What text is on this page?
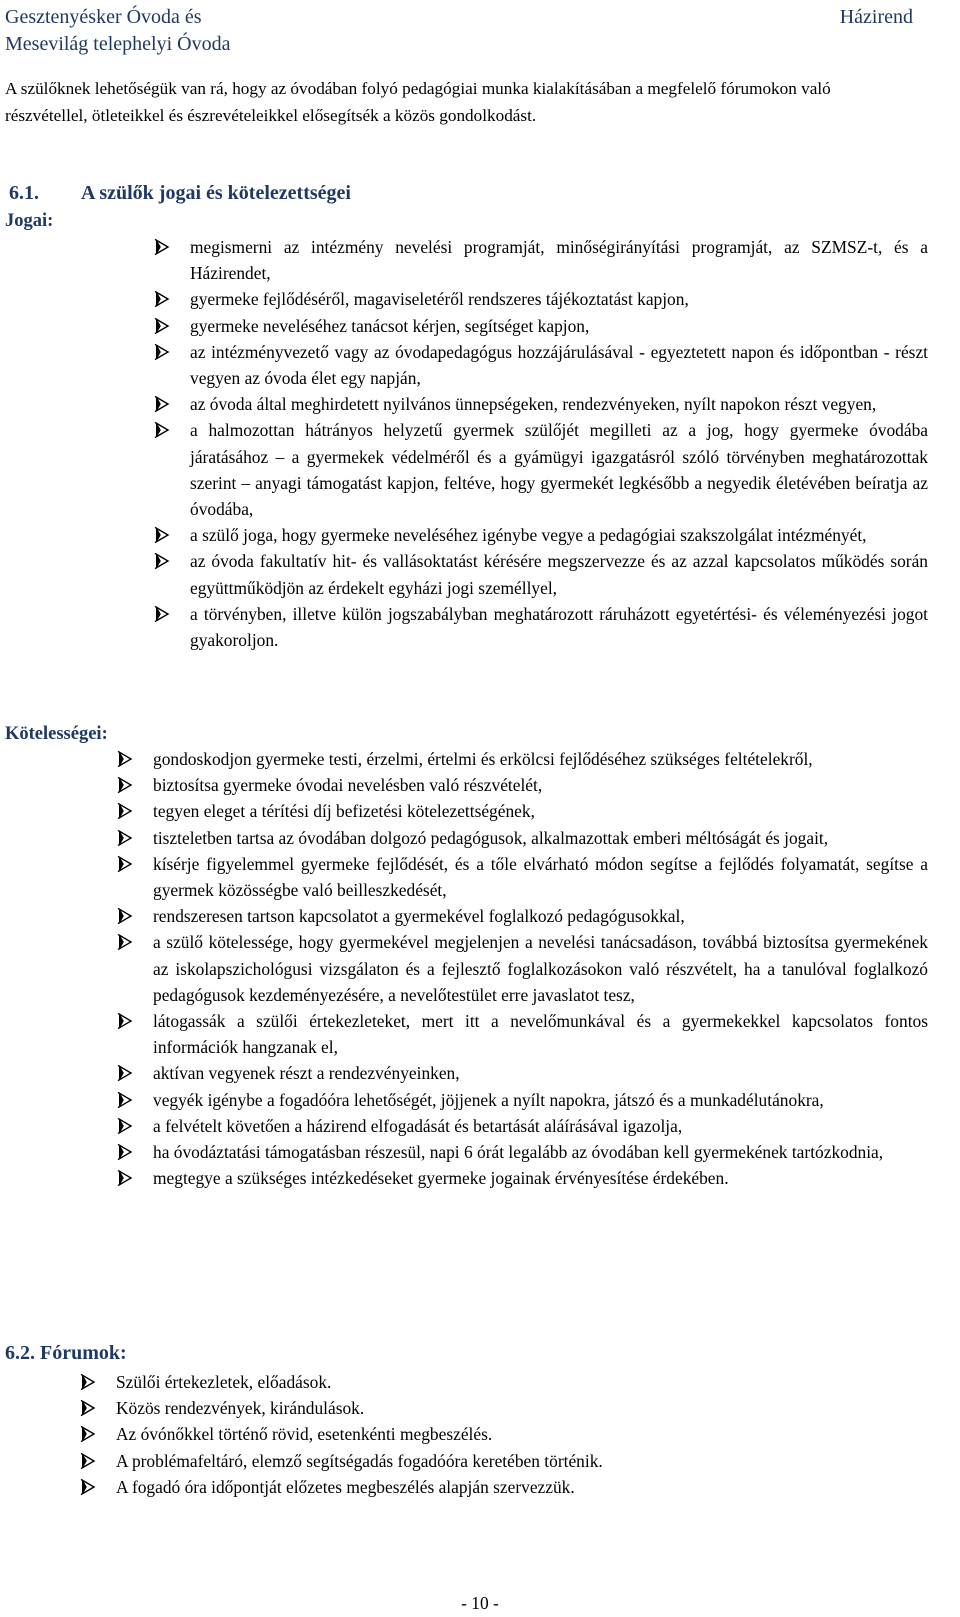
Gesztenyésker Óvoda és
Mesevilág telephelyi Óvoda
Házirend
A szülőknek lehetőségük van rá, hogy az óvodában folyó pedagógiai munka kialakításában a megfelelő fórumokon való részvétellel, ötleteikkel és észrevételeikkel elősegítsék a közös gondolkodást.
6.1. A szülők jogai és kötelezettségei
Jogai:
megismerni az intézmény nevelési programját, minőségirányítási programját, az SZMSZ-t, és a Házirendet,
gyermeke fejlődéséről, magaviseletéről rendszeres tájékoztatást kapjon,
gyermeke neveléséhez tanácsot kérjen, segítséget kapjon,
az intézményvezető vagy az óvodapedagógus hozzájárulásával - egyeztetett napon és időpontban - részt vegyen az óvoda élet egy napján,
az óvoda által meghirdetett nyilvános ünnepségeken, rendezvényeken, nyílt napokon részt vegyen,
a halmozottan hátrányos helyzetű gyermek szülőjét megilleti az a jog, hogy gyermeke óvodába járatásához – a gyermekek védelméről és a gyámügyi igazgatásról szóló törvényben meghatározottak szerint – anyagi támogatást kapjon, feltéve, hogy gyermekét legkésőbb a negyedik életévében beíratja az óvodába,
a szülő joga, hogy gyermeke neveléséhez igénybe vegye a pedagógiai szakszolgálat intézményét,
az óvoda fakultatív hit- és vallásoktatást kérésére megszervezze és az azzal kapcsolatos működés során együttműködjön az érdekelt egyházi jogi személlyel,
a törvényben, illetve külön jogszabályban meghatározott ráruházott egyetértési- és véleményezési jogot gyakoroljon.
Kötelességei:
gondoskodjon gyermeke testi, érzelmi, értelmi és erkölcsi fejlődéséhez szükséges feltételekről,
biztosítsa gyermeke óvodai nevelésben való részvételét,
tegyen eleget a térítési díj befizetési kötelezettségének,
tiszteletben tartsa az óvodában dolgozó pedagógusok, alkalmazottak emberi méltóságát és jogait,
kísérje figyelemmel gyermeke fejlődését, és a tőle elvárható módon segítse a fejlődés folyamatát, segítse a gyermek közösségbe való beilleszkedését,
rendszeresen tartson kapcsolatot a gyermekével foglalkozó pedagógusokkal,
a szülő kötelessége, hogy gyermekével megjelenjen a nevelési tanácsadáson, továbbá biztosítsa gyermekének az iskolapszichológusi vizsgálaton és a fejlesztő foglalkozásokon való részvételt, ha a tanulóval foglalkozó pedagógusok kezdeményezésére, a nevelőtestület erre javaslatot tesz,
látogassák a szülői értekezleteket, mert itt a nevelőmunkával és a gyermekekkel kapcsolatos fontos információk hangzanak el,
aktívan vegyenek részt a rendezvényeinken,
vegyék igénybe a fogadóóra lehetőségét, jöjjenek a nyílt napokra, játszó és a munkadélutánokra,
a felvételt követően a házirend elfogadását és betartását aláírásával igazolja,
ha óvodáztatási támogatásban részesül, napi 6 órát legalább az óvodában kell gyermekének tartózkodnia,
megtegye a szükséges intézkedéseket gyermeke jogainak érvényesítése érdekében.
6.2. Fórumok:
Szülői értekezletek, előadások.
Közös rendezvények, kirándulások.
Az óvónőkkel történő rövid, esetenkénti megbeszélés.
A problémafeltáró, elemző segítségadás fogadóóra keretében történik.
A fogadó óra időpontját előzetes megbeszélés alapján szervezzük.
- 10 -
